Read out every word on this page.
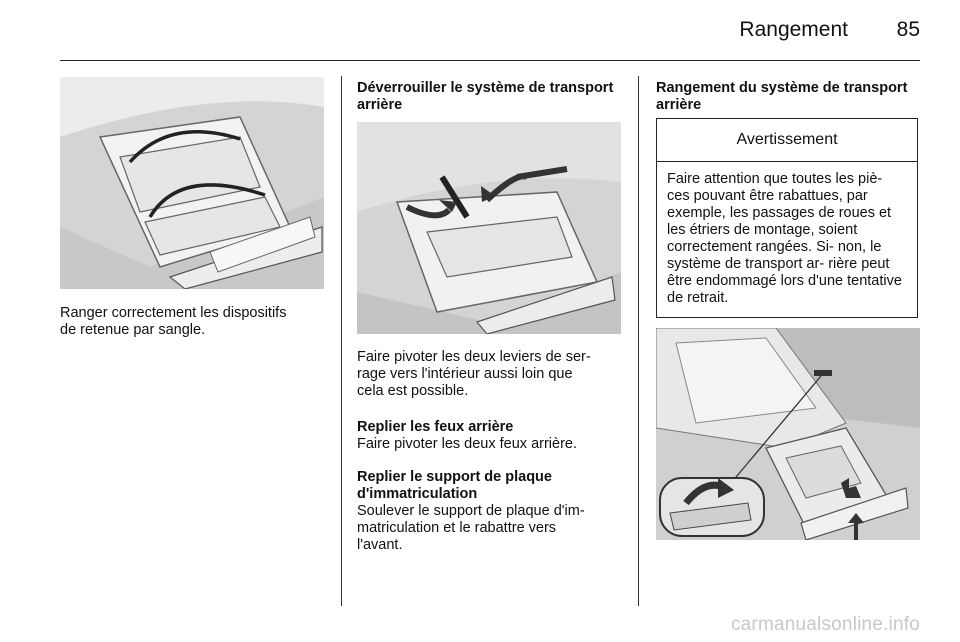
Rangement	85
Ranger correctement les dispositifs
de retenue par sangle.
Déverrouiller le système de transport
arrière
Faire pivoter les deux leviers de ser-
rage vers l'intérieur aussi loin que
cela est possible.
Replier les feux arrière
Faire pivoter les deux feux arrière.
Replier le support de plaque
d'immatriculation
Soulever le support de plaque d'im-
matriculation et le rabattre vers
l'avant.
Rangement du système de transport
arrière
Avertissement
Faire attention que toutes les piè- ces pouvant être rabattues, par exemple, les passages de roues et les étriers de montage, soient correctement rangées. Si- non, le système de transport ar- rière peut être endommagé lors d'une tentative de retrait.
carmanualsonline.info
